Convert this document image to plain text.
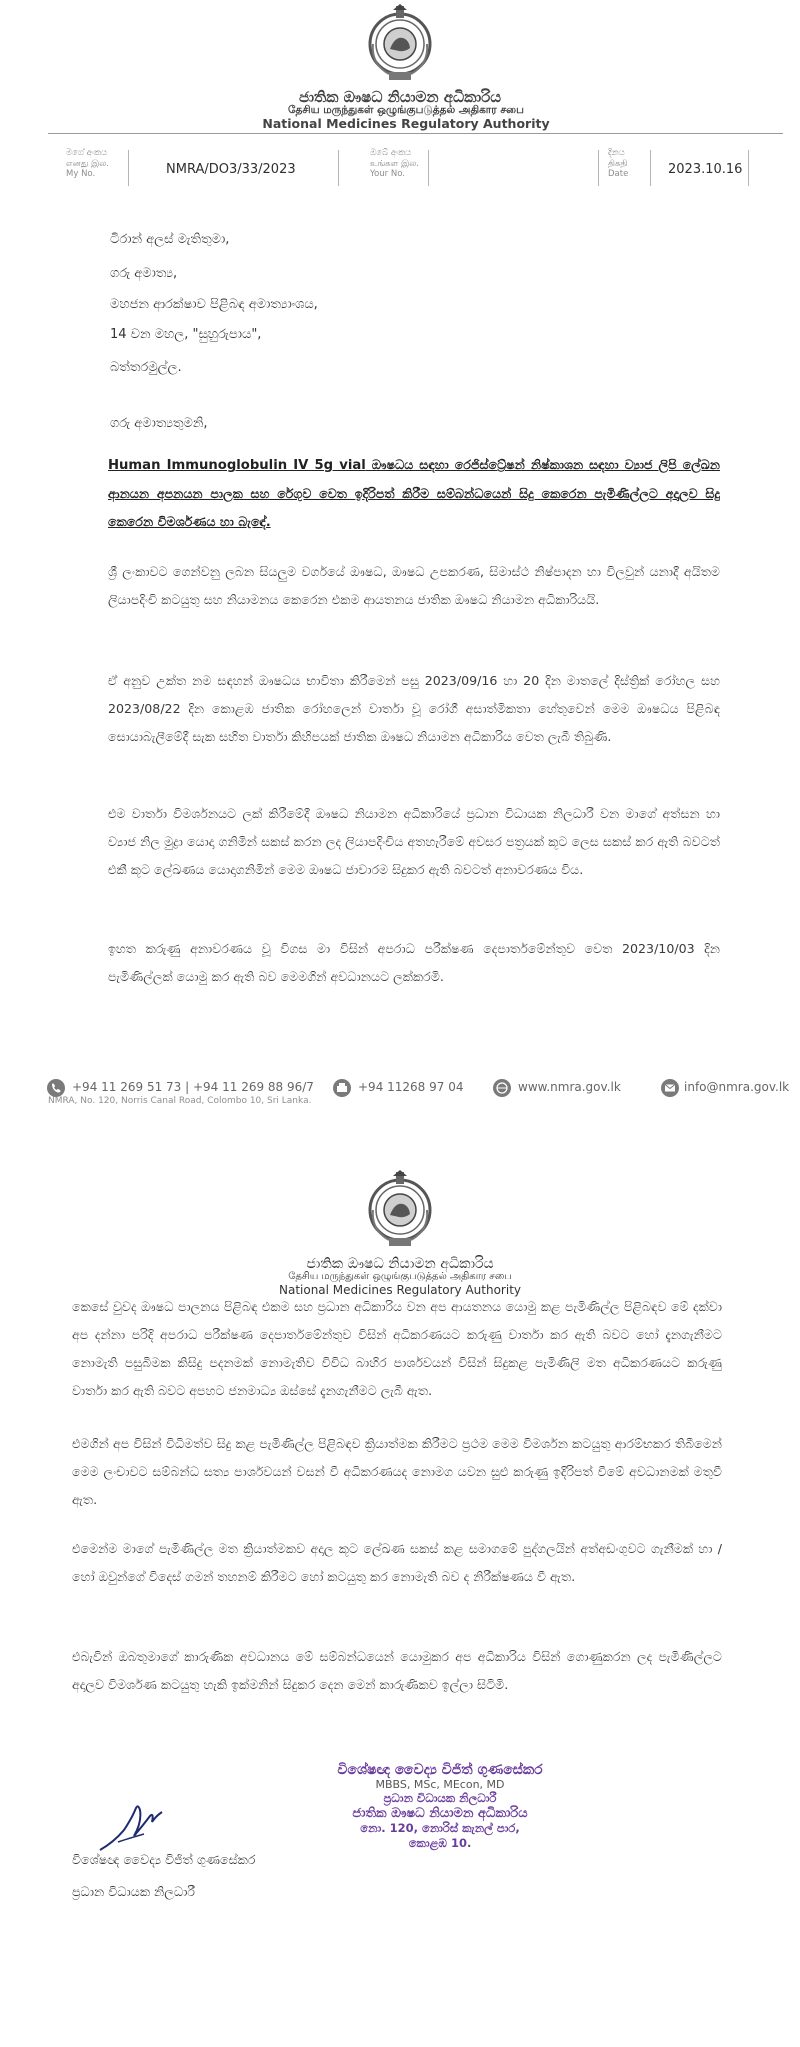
ජාතික ඖෂධ නියාමන අධිකාරිය
தேசிய மருந்துகள் ஒழுங்குபடுத்தல் அதிகார சபை
National Medicines Regulatory Authority
මගේ අංකය
எனது இல.
My No.	NMRA/DO3/33/2023
ඔබේ අංකය
உங்கள இல.
Your No.
දිනය
திகதி
Date	2023.10.16
ටිරාන් අලස් මැතිතුමා,
ගරු අමාත්‍ය,
මහජන ආරක්ෂාව පිළිබඳ අමාත්‍යාංශය,
14 වන මහල, "සුහුරුපාය",
බත්තරමුල්ල.
ගරු අමාත්‍යතුමනි,

Human Immunoglobulin IV 5g vial ඖෂධය සඳහා රෙජිස්ට්‍රේෂන් නිෂ්කාශන සඳහා ව්‍යාජ ලිපි ලේඛන ආනයන අපනයන පාලක සහ රේගුව වෙත ඉදිරිපත් කිරීම සම්බන්ධයෙන් සිදු කෙරෙන පැමිණිල්ලට අදාලව සිදු කෙරෙන විමර්ශණය හා බැඳේ.

ශ්‍රී ලංකාවට ගෙන්වනු ලබන සියලුම වර්ගයේ ඖෂධ, ඖෂධ උපකරණ, සිමාස්ථ නිෂ්පාදන හා විලවුන් යනාදී අයිතම ලියාපදිංචි කටයුතු සහ නියාමනය කෙරෙන එකම ආයතනය ජාතික ඖෂධ නියාමන අධිකාරියයි.

ඒ අනුව උක්ත නම සඳහන් ඖෂධය භාවිතා කිරීමෙන් පසු 2023/09/16 හා 20 දින මාතලේ දිස්ත්‍රික් රෝහල සහ 2023/08/22 දින කොළඹ ජාතික රෝහලෙන් වාර්තා වූ රෝගී අසාත්මිකතා හේතුවෙන් මෙම ඖෂධය පිළිබඳ සොයාබැලීමේදී සැක සහිත වාර්තා කිහිපයක් ජාතික ඖෂධ නියාමන අධිකාරිය වෙත ලැබී තිබුණි.

එම වාර්තා විමර්ශනයට ලක් කිරීමේදී ඖෂධ නියාමන අධිකාරියේ ප්‍රධාන විධායක නිලධාරී වන මාගේ අත්සන හා ව්‍යාජ නිල මුද්‍රා යොදා ගනිමින් සකස් කරන ලද ලියාපදිංචිය අතහැරීමේ අවසර පත්‍රයක් කූට ලෙස සකස් කර ඇති බවටත් එකී කූට ලේඛණය යොදාගනිමින් මෙම ඖෂධ ජාවාරම සිදුකර ඇති බවටත් අනාවරණය විය.

ඉහත කරුණු අනාවරණය වූ විගස මා විසින් අපරාධ පරීක්ෂණ දෙපාර්තමේන්තුව වෙත 2023/10/03 දින පැමිණිල්ලක් යොමු කර ඇති බව මෙමගින් අවධානයට ලක්කරමි.

+94 11 269 51 73 | +94 11 269 88 96/7	+94 11268 97 04	www.nmra.gov.lk	info@nmra.gov.lk
NMRA, No. 120, Norris Canal Road, Colombo 10, Sri Lanka.
ජාතික ඖෂධ නියාමන අධිකාරිය
தேசிய மருந்துகள் ஒழுங்குபடுத்தல் அதிகார சபை
National Medicines Regulatory Authority

කෙසේ වුවද ඖෂධ පාලනය පිළිබඳ එකම සහ ප්‍රධාන අධිකාරිය වන අප ආයතනය යොමු කළ පැමිණිල්ල පිළිබඳව මේ දක්වා අප දන්නා පරිදි අපරාධ පරීක්ෂණ දෙපාර්තමේන්තුව විසින් අධිකරණයට කරුණු වාර්තා කර ඇති බවට හෝ දැනගැනීමට නොමැති පසුබිමක කිසිදු පදනමක් නොමැතිව විවිධ බාහිර පාර්ශවයන් විසින් සිදුකළ පැමිණිලි මත අධිකරණයට කරුණු වාර්තා කර ඇති බවට අපහට ජනමාධ්‍ය ඔස්සේ දැනගැනීමට ලැබී ඇත.

එමගින් අප විසින් විධිමත්ව සිදු කළ පැමිණිල්ල පිළිබඳව ක්‍රියාත්මක කිරීමට ප්‍රථම මෙම විමර්ශන කටයුතු ආරම්භකර තිබීමෙන් මෙම ලංචාවට සම්බන්ධ සත්‍ය පාර්ශවයන් වසන් වී අධිකරණයද නොමග යවන සුළු කරුණු ඉදිරිපත් වීමේ අවධානමක් මතුවී ඇත.

එමෙන්ම මාගේ පැමිණිල්ල මත ක්‍රියාත්මකව අදාල කූට ලේඛණ සකස් කළ සමාගමේ පුද්ගලයින් අත්අඩංගුවට ගැනීමක් හා / හෝ ඔවුන්ගේ විදෙස් ගමන් තහනම් කිරීමට හෝ කටයුතු කර නොමැති බව ද නිරීක්ෂණය වී ඇත.

එබැවින් ඔබතුමාගේ කාරුණික අවධානය මේ සම්බන්ධයෙන් යොමුකර අප අධිකාරිය විසින් ගොණුකරන ලද පැමිණිල්ලට අදාලව විමර්ශණ කටයුතු හැකි ඉක්මනින් සිදුකර දෙන මෙන් කාරුණිකව ඉල්ලා සිටිමි.

විශේෂඥ වෛද්‍ය විජිත් ගුණසේකර
MBBS, MSc, MEcon, MD
ප්‍රධාන විධායක නිලධාරී
ජාතික ඖෂධ නියාමන අධිකාරිය
නො. 120, නොරිස් කැනල් පාර,
කොළඹ 10.
විශේෂඥ වෛද්‍ය විජිත් ගුණසේකර
ප්‍රධාන විධායක නිලධාරී
